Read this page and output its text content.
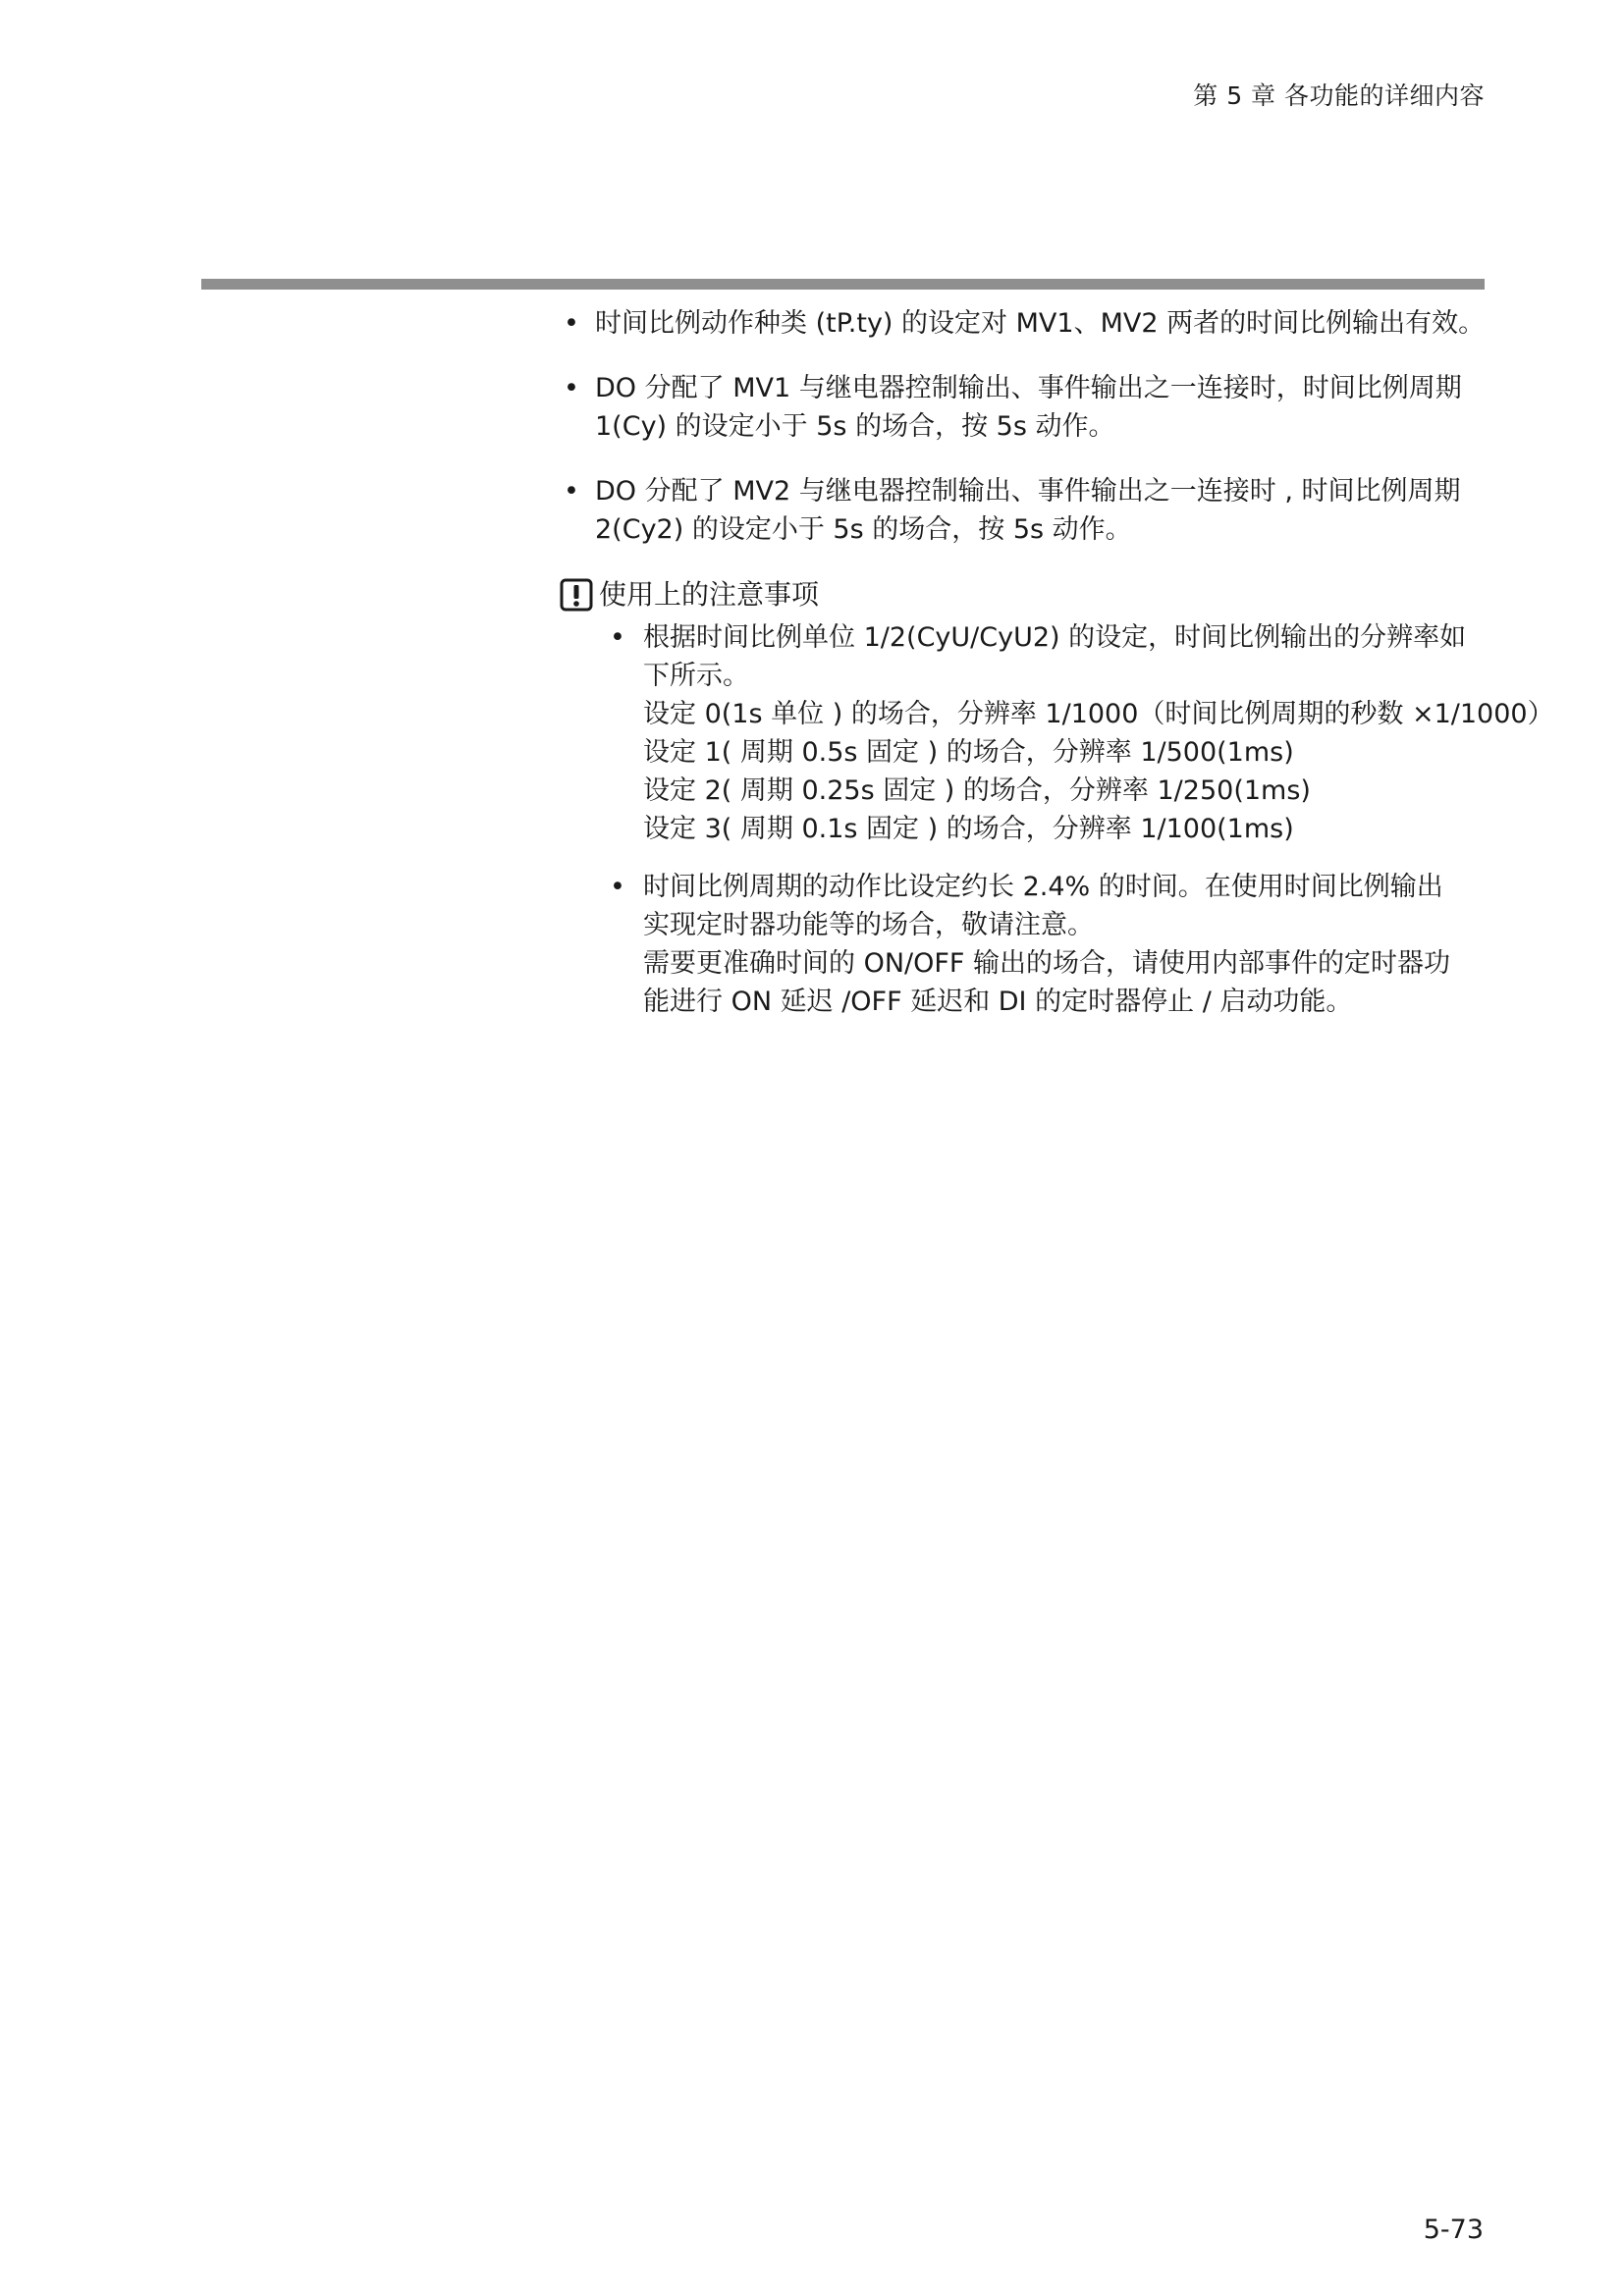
第 5 章 各功能的详细内容
• 时间比例动作种类 (tP.ty) 的设定对 MV1、MV2 两者的时间比例输出有效。
• DO 分配了 MV1 与继电器控制输出、事件输出之一连接时，时间比例周期 1(Cy) 的设定小于 5s 的场合，按 5s 动作。
• DO 分配了 MV2 与继电器控制输出、事件输出之一连接时 , 时间比例周期 2(Cy2) 的设定小于 5s 的场合，按 5s 动作。
使用上的注意事项
• 根据时间比例单位 1/2(CyU/CyU2) 的设定，时间比例输出的分辨率如
下所示。
设定 0(1s 单位 ) 的场合，分辨率 1/1000（时间比例周期的秒数 ×1/1000）
设定 1( 周期 0.5s 固定 ) 的场合，分辨率 1/500(1ms)
设定 2( 周期 0.25s 固定 ) 的场合，分辨率 1/250(1ms)
设定 3( 周期 0.1s 固定 ) 的场合，分辨率 1/100(1ms)
• 时间比例周期的动作比设定约长 2.4% 的时间。在使用时间比例输出
实现定时器功能等的场合，敬请注意。
需要更准确时间的 ON/OFF 输出的场合，请使用内部事件的定时器功
能进行 ON 延迟 /OFF 延迟和 DI 的定时器停止 / 启动功能。
5-73
